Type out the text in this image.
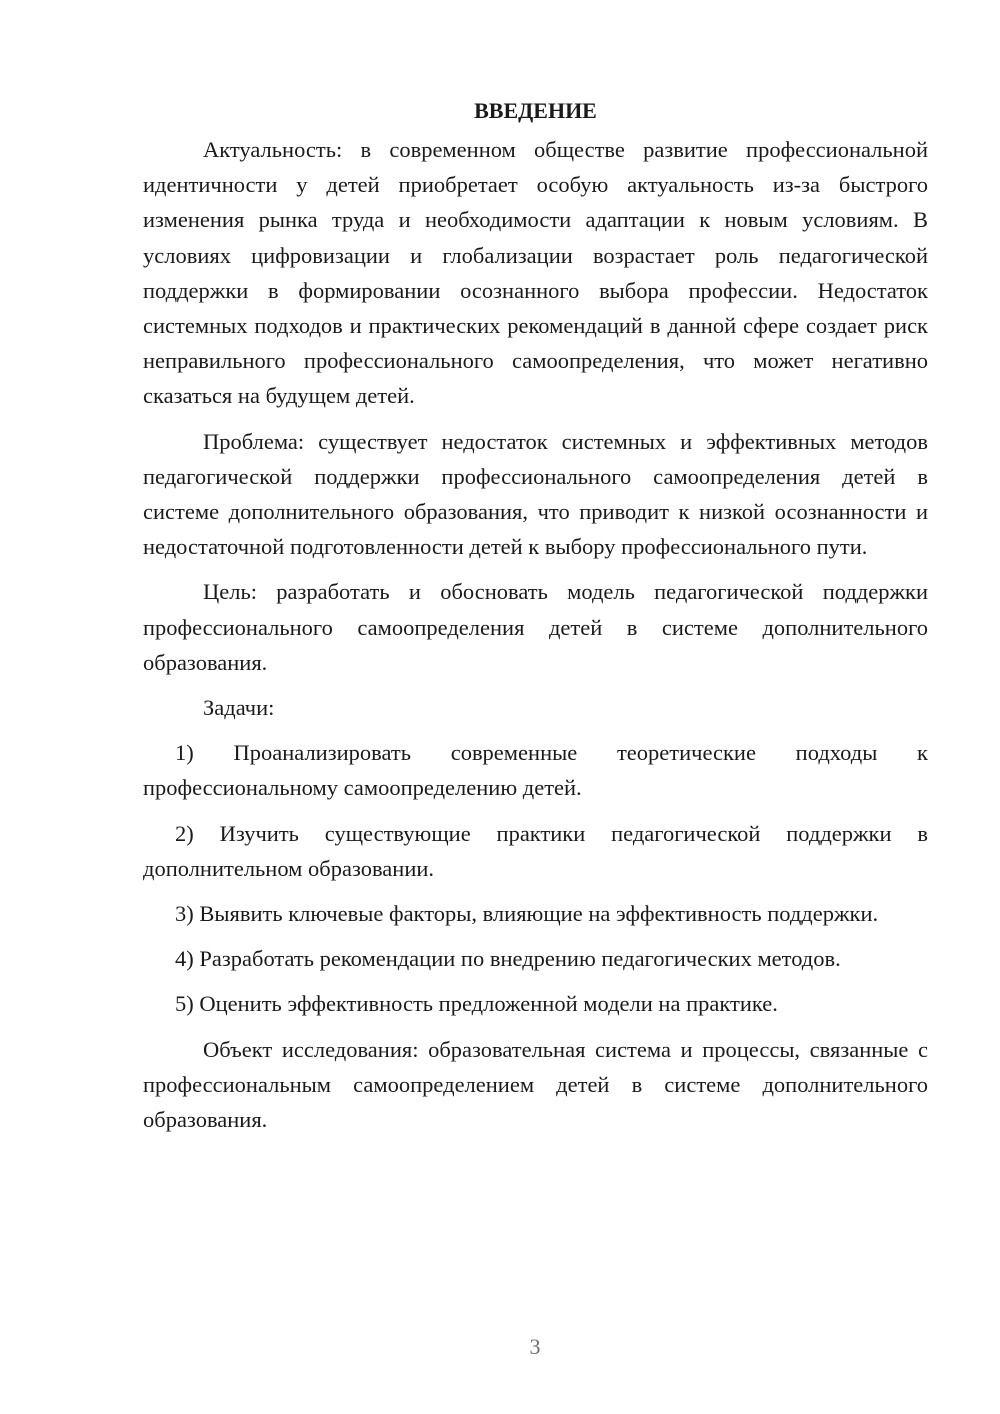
ВВЕДЕНИЕ

Актуальность: в современном обществе развитие профессиональной идентичности у детей приобретает особую актуальность из-за быстрого изменения рынка труда и необходимости адаптации к новым условиям. В условиях цифровизации и глобализации возрастает роль педагогической поддержки в формировании осознанного выбора профессии. Недостаток системных подходов и практических рекомендаций в данной сфере создает риск неправильного профессионального самоопределения, что может негативно сказаться на будущем детей.

Проблема: существует недостаток системных и эффективных методов педагогической поддержки профессионального самоопределения детей в системе дополнительного образования, что приводит к низкой осознанности и недостаточной подготовленности детей к выбору профессионального пути.

Цель: разработать и обосновать модель педагогической поддержки профессионального самоопределения детей в системе дополнительного образования.

Задачи:

1) Проанализировать современные теоретические подходы к профессиональному самоопределению детей.

2) Изучить существующие практики педагогической поддержки в дополнительном образовании.

3) Выявить ключевые факторы, влияющие на эффективность поддержки.

4) Разработать рекомендации по внедрению педагогических методов.

5) Оценить эффективность предложенной модели на практике.

Объект исследования: образовательная система и процессы, связанные с профессиональным самоопределением детей в системе дополнительного образования.

3
